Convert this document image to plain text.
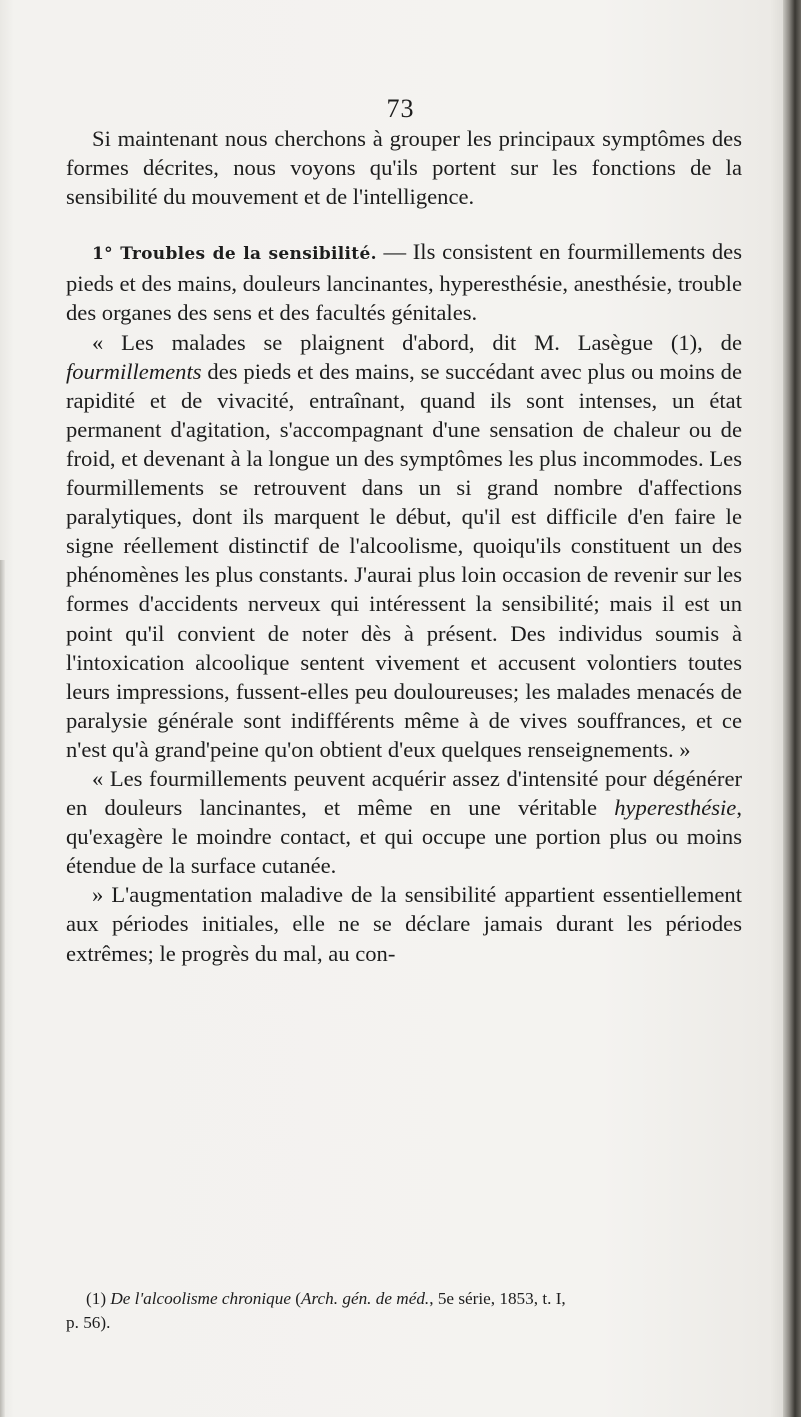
73

Si maintenant nous cherchons à grouper les principaux symptômes des formes décrites, nous voyons qu'ils portent sur les fonctions de la sensibilité du mouvement et de l'intelligence.

1° Troubles de la sensibilité. — Ils consistent en fourmillements des pieds et des mains, douleurs lancinantes, hyperesthésie, anesthésie, trouble des organes des sens et des facultés génitales.

« Les malades se plaignent d'abord, dit M. Lasègue (1), de fourmillements des pieds et des mains, se succédant avec plus ou moins de rapidité et de vivacité, entraînant, quand ils sont intenses, un état permanent d'agitation, s'accompagnant d'une sensation de chaleur ou de froid, et devenant à la longue un des symptômes les plus incommodes. Les fourmillements se retrouvent dans un si grand nombre d'affections paralytiques, dont ils marquent le début, qu'il est difficile d'en faire le signe réellement distinctif de l'alcoolisme, quoiqu'ils constituent un des phénomènes les plus constants. J'aurai plus loin occasion de revenir sur les formes d'accidents nerveux qui intéressent la sensibilité; mais il est un point qu'il convient de noter dès à présent. Des individus soumis à l'intoxication alcoolique sentent vivement et accusent volontiers toutes leurs impressions, fussent-elles peu douloureuses; les malades menacés de paralysie générale sont indifférents même à de vives souffrances, et ce n'est qu'à grand'peine qu'on obtient d'eux quelques renseignements. »

« Les fourmillements peuvent acquérir assez d'intensité pour dégénérer en douleurs lancinantes, et même en une véritable hyperesthésie, qu'exagère le moindre contact, et qui occupe une portion plus ou moins étendue de la surface cutanée.

» L'augmentation maladive de la sensibilité appartient essentiellement aux périodes initiales, elle ne se déclare jamais durant les périodes extrêmes; le progrès du mal, au con-

(1) De l'alcoolisme chronique (Arch. gén. de méd., 5e série, 1853, t. I,
p. 56).
